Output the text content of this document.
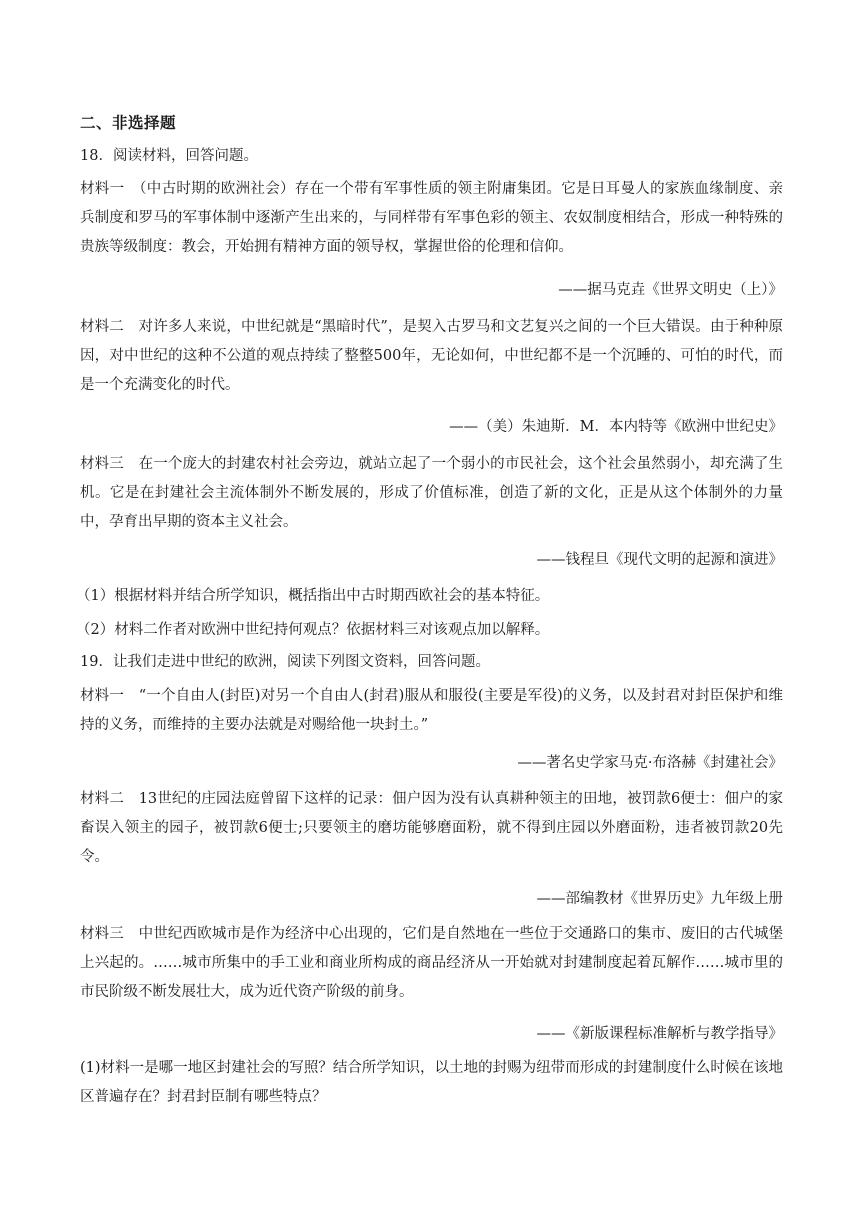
二、非选择题
18．阅读材料，回答问题。
材料一　（中古时期的欧洲社会）存在一个带有军事性质的领主附庸集团。它是日耳曼人的家族血缘制度、亲兵制度和罗马的军事体制中逐渐产生出来的，与同样带有军事色彩的领主、农奴制度相结合，形成一种特殊的贵族等级制度：教会，开始拥有精神方面的领导权，掌握世俗的伦理和信仰。
——据马克垚《世界文明史（上）》
材料二　对许多人来说，中世纪就是“黑暗时代”，是契入古罗马和文艺复兴之间的一个巨大错误。由于种种原因，对中世纪的这种不公道的观点持续了整整500年，无论如何，中世纪都不是一个沉睡的、可怕的时代，而是一个充满变化的时代。
——（美）朱迪斯．M．本内特等《欧洲中世纪史》
材料三　在一个庞大的封建农村社会旁边，就站立起了一个弱小的市民社会，这个社会虽然弱小，却充满了生机。它是在封建社会主流体制外不断发展的，形成了价值标准，创造了新的文化，正是从这个体制外的力量中，孕育出早期的资本主义社会。
——钱程旦《现代文明的起源和演进》
（1）根据材料并结合所学知识，概括指出中古时期西欧社会的基本特征。
（2）材料二作者对欧洲中世纪持何观点？依据材料三对该观点加以解释。
19．让我们走进中世纪的欧洲，阅读下列图文资料，回答问题。
材料一　“一个自由人(封臣)对另一个自由人(封君)服从和服役(主要是军役)的义务，以及封君对封臣保护和维持的义务，而维持的主要办法就是对赐给他一块封土。”
——著名史学家马克·布洛赫《封建社会》
材料二　13世纪的庄园法庭曾留下这样的记录：佃户因为没有认真耕种领主的田地，被罚款6便士：佃户的家畜误入领主的园子，被罚款6便士;只要领主的磨坊能够磨面粉，就不得到庄园以外磨面粉，违者被罚款20先令。
——部编教材《世界历史》九年级上册
材料三　中世纪西欧城市是作为经济中心出现的，它们是自然地在一些位于交通路口的集市、废旧的古代城堡上兴起的。……城市所集中的手工业和商业所构成的商品经济从一开始就对封建制度起着瓦解作……城市里的市民阶级不断发展壮大，成为近代资产阶级的前身。
——《新版课程标准解析与教学指导》
(1)材料一是哪一地区封建社会的写照？结合所学知识，以土地的封赐为纽带而形成的封建制度什么时候在该地区普遍存在？封君封臣制有哪些特点？
